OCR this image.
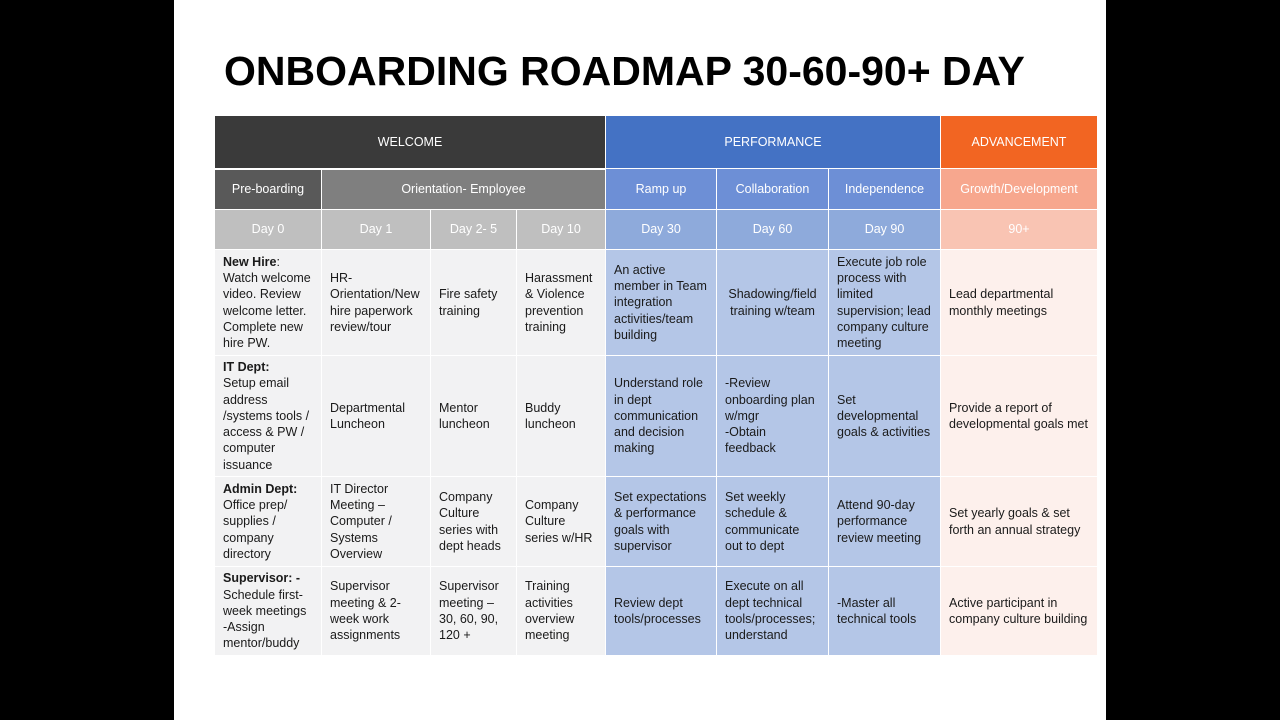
ONBOARDING ROADMAP 30-60-90+ DAY
WELCOME				PERFORMANCE			ADVANCEMENT
Pre-boarding	Orientation- Employee			Ramp up	Collaboration	Independence	Growth/Development
Day 0	Day 1	Day 2- 5	Day 10	Day 30	Day 60	Day 90	90+
New Hire:
Watch welcome video. Review welcome letter. Complete new hire PW.	HR-Orientation/New hire paperwork review/tour	Fire safety training	Harassment & Violence prevention training	An active member in Team integration activities/team building	Shadowing/field training w/team	Execute job role process with limited supervision; lead company culture meeting	Lead departmental monthly meetings
IT Dept:
Setup email address /systems tools / access & PW / computer issuance	Departmental Luncheon	Mentor luncheon	Buddy luncheon	Understand role in dept communication and decision making	-Review onboarding plan w/mgr
-Obtain feedback	Set developmental goals & activities	Provide a report of developmental goals met
Admin Dept:
Office prep/ supplies / company directory	IT Director Meeting – Computer / Systems Overview	Company Culture series with dept heads	Company Culture series w/HR	Set expectations & performance goals with supervisor	Set weekly schedule & communicate out to dept	Attend 90-day performance review meeting	Set yearly goals & set forth an annual strategy
Supervisor: -
Schedule first-week meetings -Assign mentor/buddy	Supervisor meeting & 2-week work assignments	Supervisor meeting – 30, 60, 90, 120 +	Training activities overview meeting	Review dept tools/processes	Execute on all dept technical tools/processes; understand	-Master all technical tools	Active participant in company culture building
